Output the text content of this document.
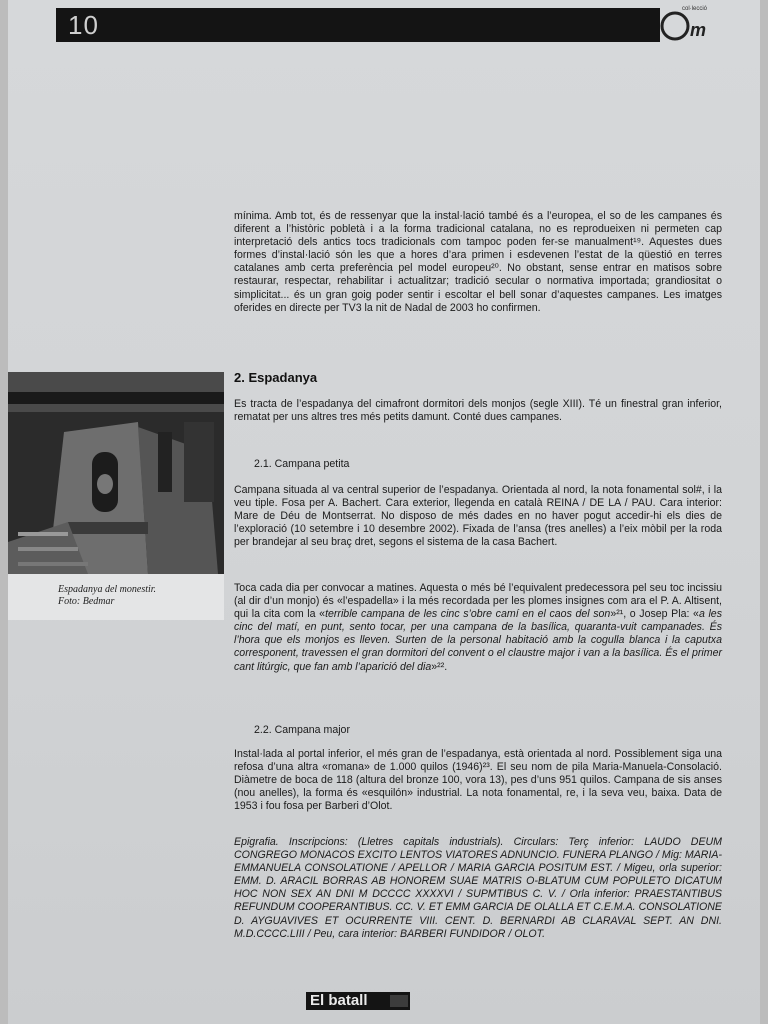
10
col·lecció
m

mínima. Amb tot, és de ressenyar que la instal·lació també és a l’europea, el so de les campanes és diferent a l’històric pobletà i a la forma tradicional catalana, no es reprodueixen ni permeten cap interpretació dels antics tocs tradicionals com tampoc poden fer-se manualment¹⁹. Aquestes dues formes d’instal·lació són les que a hores d’ara primen i esdevenen l’estat de la qüestió en terres catalanes amb certa preferència pel model europeu²⁰. No obstant, sense entrar en matisos sobre restaurar, respectar, rehabilitar i actualitzar; tradició secular o normativa importada; grandiositat o simplicitat... és un gran goig poder sentir i escoltar el bell sonar d’aquestes campanes. Les imatges oferides en directe per TV3 la nit de Nadal de 2003 ho confirmen.

2. Espadanya

Es tracta de l’espadanya del cimafront dormitori dels monjos (segle XIII). Té un finestral gran inferior, rematat per uns altres tres més petits damunt. Conté dues campanes.

Espadanya del monestir.
Foto: Bedmar
2.1. Campana petita

Campana situada al va central superior de l’espadanya. Orientada al nord, la nota fonamental sol#, i la veu tiple. Fosa per A. Bachert. Cara exterior, llegenda en català REINA / DE LA / PAU. Cara interior: Mare de Déu de Montserrat. No disposo de més dades en no haver pogut accedir-hi els dies de l’exploració (10 setembre i 10 desembre 2002). Fixada de l’ansa (tres anelles) a l’eix mòbil per la roda per brandejar al seu braç dret, segons el sistema de la casa Bachert.

Toca cada dia per convocar a matines. Aquesta o més bé l’equivalent predecessora pel seu toc incissiu (al dir d’un monjo) és «l’espadella» i la més recordada per les plomes insignes com ara el P. A. Altisent, qui la cita com la «terrible campana de les cinc s’obre camí en el caos del son»²¹, o Josep Pla: «a les cinc del matí, en punt, sento tocar, per una campana de la basílica, quaranta-vuit campanades. És l’hora que els monjos es lleven. Surten de la personal habitació amb la cogulla blanca i la caputxa corresponent, travessen el gran dormitori del convent o el claustre major i van a la basílica. És el primer cant litúrgic, que fan amb l’aparició del dia»²².

2.2. Campana major

Instal·lada al portal inferior, el més gran de l’espadanya, està orientada al nord. Possiblement siga una refosa d’una altra «romana» de 1.000 quilos (1946)²³. El seu nom de pila Maria-Manuela-Consolació. Diàmetre de boca de 118 (altura del bronze 100, vora 13), pes d’uns 951 quilos. Campana de sis anses (nou anelles), la forma és «esquilón» industrial. La nota fonamental, re, i la seva veu, baixa. Data de 1953 i fou fosa per Barberi d’Olot.

Epigrafia. Inscripcions: (Lletres capitals industrials). Circulars: Terç inferior: LAUDO DEUM CONGREGO MONACOS EXCITO LENTOS VIATORES ADNUNCIO. FUNERA PLANGO / Mig: MARIA-EMMANUELA CONSOLATIONE / APELLOR / MARIA GARCIA POSITUM EST. / Migeu, orla superior: EMM. D. ARACIL BORRAS AB HONOREM SUAE MATRIS O-BLATUM CUM POPULETO DICATUM HOC NON SEX AN DNI M DCCCC XXXXVI / SUPMTIBUS C. V. / Orla inferior: PRAESTANTIBUS REFUNDUM COOPERANTIBUS. CC. V. ET EMM GARCIA DE OLALLA ET C.E.M.A. CONSOLATIONE D. AYGUAVIVES ET OCURRENTE VIII. CENT. D. BERNARDI AB CLARAVAL SEPT. AN DNI. M.D.CCCC.LIII / Peu, cara interior: BARBERI FUNDIDOR / OLOT.

El batall
